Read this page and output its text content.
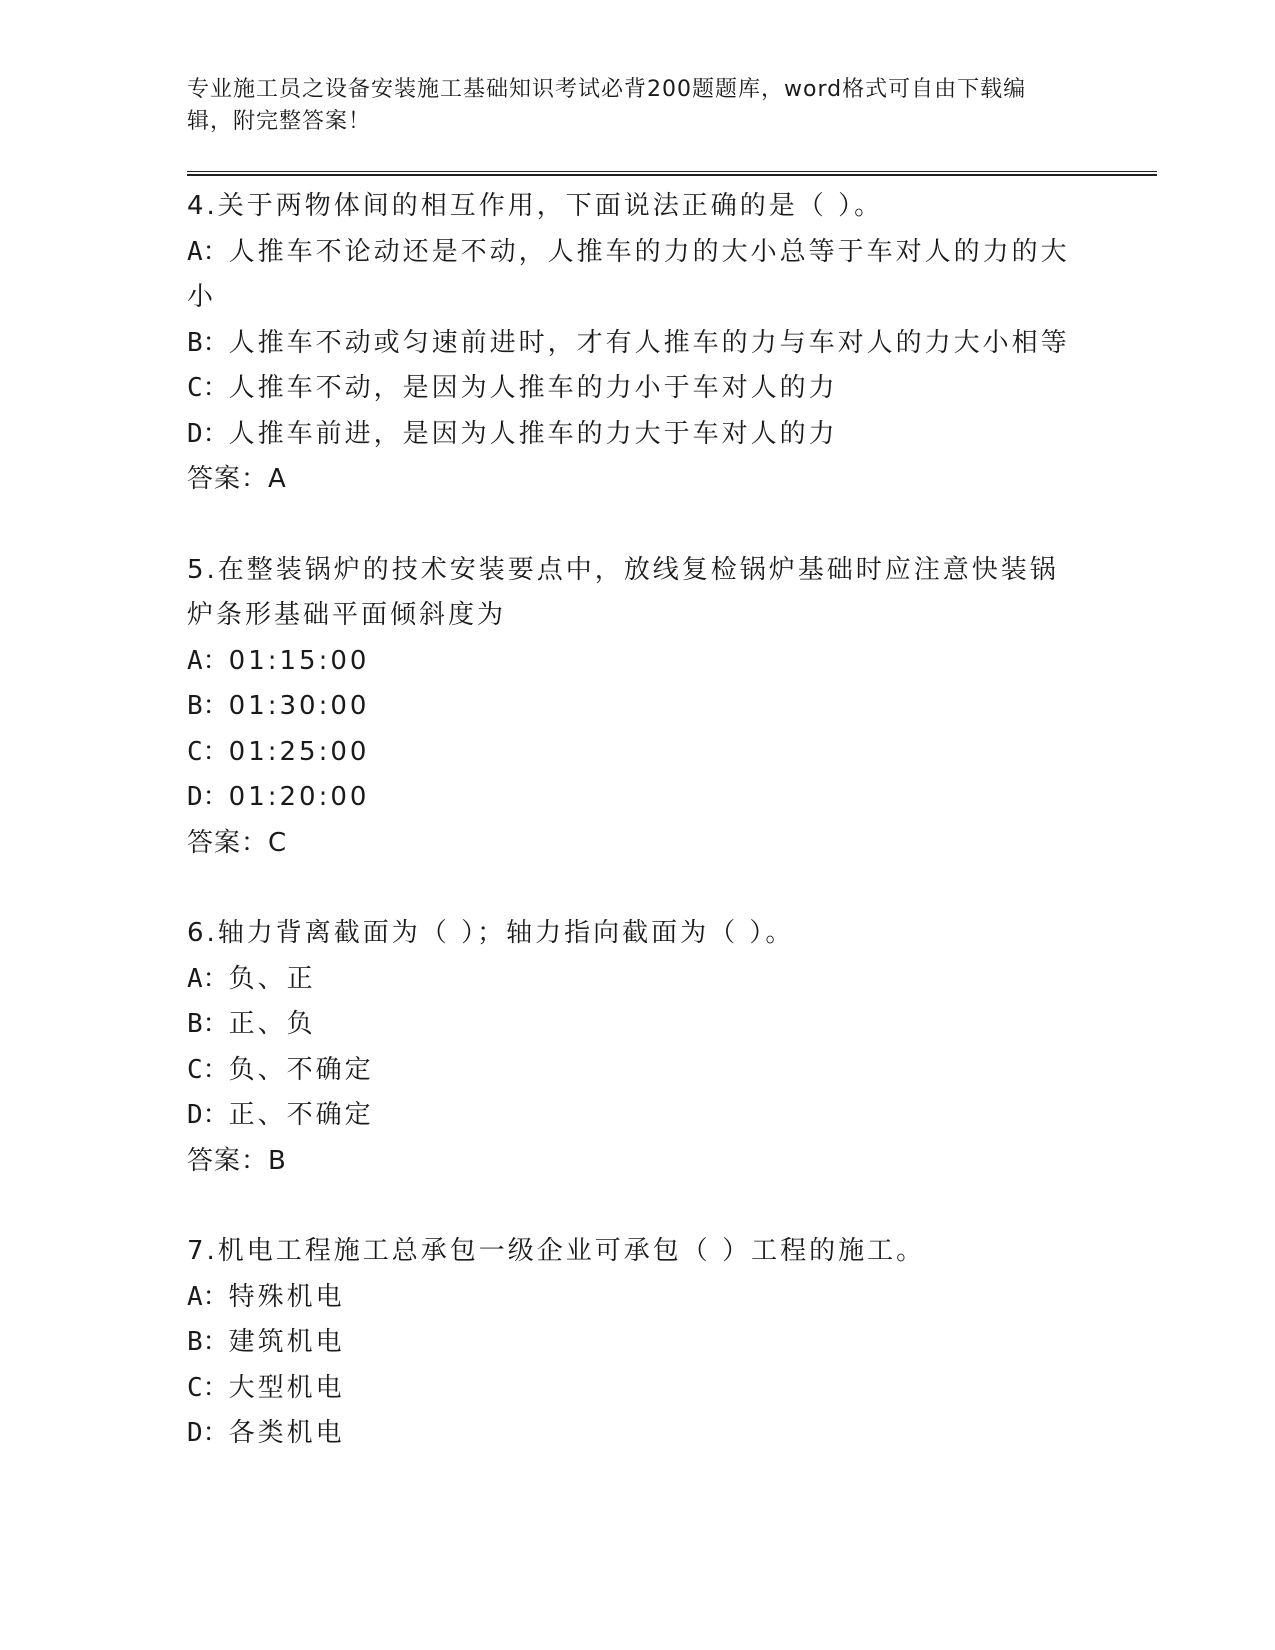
专业施工员之设备安装施工基础知识考试必背200题题库，word格式可自由下载编辑，附完整答案！

4.关于两物体间的相互作用，下面说法正确的是（ ）。
A：人推车不论动还是不动，人推车的力的大小总等于车对人的力的大小
B：人推车不动或匀速前进时，才有人推车的力与车对人的力大小相等
C：人推车不动，是因为人推车的力小于车对人的力
D：人推车前进，是因为人推车的力大于车对人的力
答案：A
5.在整装锅炉的技术安装要点中，放线复检锅炉基础时应注意快装锅炉条形基础平面倾斜度为
A：01:15:00
B：01:30:00
C：01:25:00
D：01:20:00
答案：C
6.轴力背离截面为（ ）；轴力指向截面为（ ）。
A：负、正
B：正、负
C：负、不确定
D：正、不确定
答案：B
7.机电工程施工总承包一级企业可承包（ ）工程的施工。
A：特殊机电
B：建筑机电
C：大型机电
D：各类机电
